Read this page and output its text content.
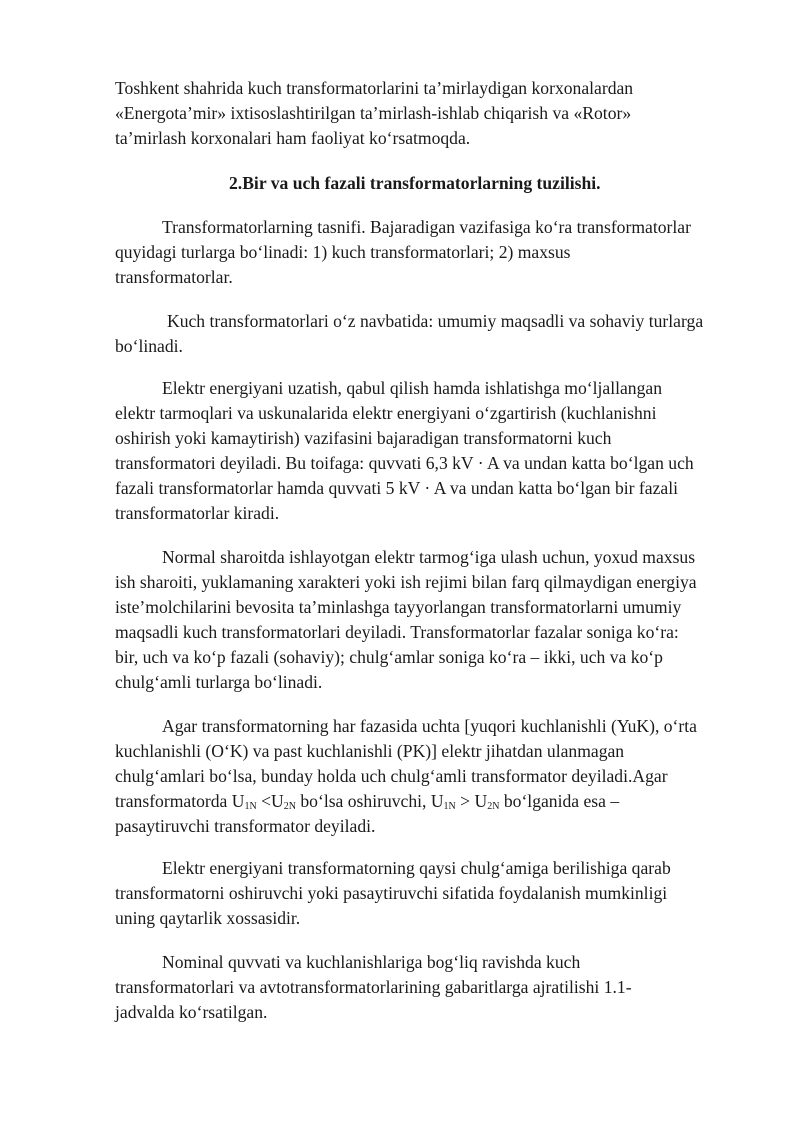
Toshkent shahrida kuch transformatorlarini ta’mirlaydigan korxonalardan
«Energota’mir» ixtisoslashtirilgan ta’mirlash-ishlab chiqarish va «Rotor»
ta’mirlash korxonalari ham faoliyat ko‘rsatmoqda.
2.Bir va uch fazali transformatorlarning tuzilishi.
Transformatorlarning tasnifi. Bajaradigan vazifasiga ko‘ra transformatorlar
quyidagi turlarga bo‘linadi: 1) kuch transformatorlari; 2) maxsus
transformatorlar.
Kuch transformatorlari o‘z navbatida: umumiy maqsadli va sohaviy turlarga
bo‘linadi.
Elektr energiyani uzatish, qabul qilish hamda ishlatishga mo‘ljallangan
elektr tarmoqlari va uskunalarida elektr energiyani o‘zgartirish (kuchlanishni
oshirish yoki kamaytirish) vazifasini bajaradigan transformatorni kuch
transformatori deyiladi. Bu toifaga: quvvati 6,3 kV · A va undan katta bo‘lgan uch
fazali transformatorlar hamda quvvati 5 kV · A va undan katta bo‘lgan bir fazali
transformatorlar kiradi.
Normal sharoitda ishlayotgan elektr tarmog‘iga ulash uchun, yoxud maxsus
ish sharoiti, yuklamaning xarakteri yoki ish rejimi bilan farq qilmaydigan energiya
iste’molchilarini bevosita ta’minlashga tayyorlangan transformatorlarni umumiy
maqsadli kuch transformatorlari deyiladi. Transformatorlar fazalar soniga ko‘ra:
bir, uch va ko‘p fazali (sohaviy); chulg‘amlar soniga ko‘ra – ikki, uch va ko‘p
chulg‘amli turlarga bo‘linadi.
Agar transformatorning har fazasida uchta [yuqori kuchlanishli (YuK), o‘rta
kuchlanishli (O‘K) va past kuchlanishli (PK)] elektr jihatdan ulanmagan
chulg‘amlari bo‘lsa, bunday holda uch chulg‘amli transformator deyiladi.Agar
transformatorda $U_{1N} <U_{2N}$ bo‘lsa oshiruvchi, $U_{1N} > U_{2N}$ bo‘lganida esa –
pasaytiruvchi transformator deyiladi.
Elektr energiyani transformatorning qaysi chulg‘amiga berilishiga qarab
transformatorni oshiruvchi yoki pasaytiruvchi sifatida foydalanish mumkinligi
uning qaytarlik xossasidir.
Nominal quvvati va kuchlanishlariga bog‘liq ravishda kuch
transformatorlari va avtotransformatorlarining gabaritlarga ajratilishi 1.1-
jadvalda ko‘rsatilgan.
